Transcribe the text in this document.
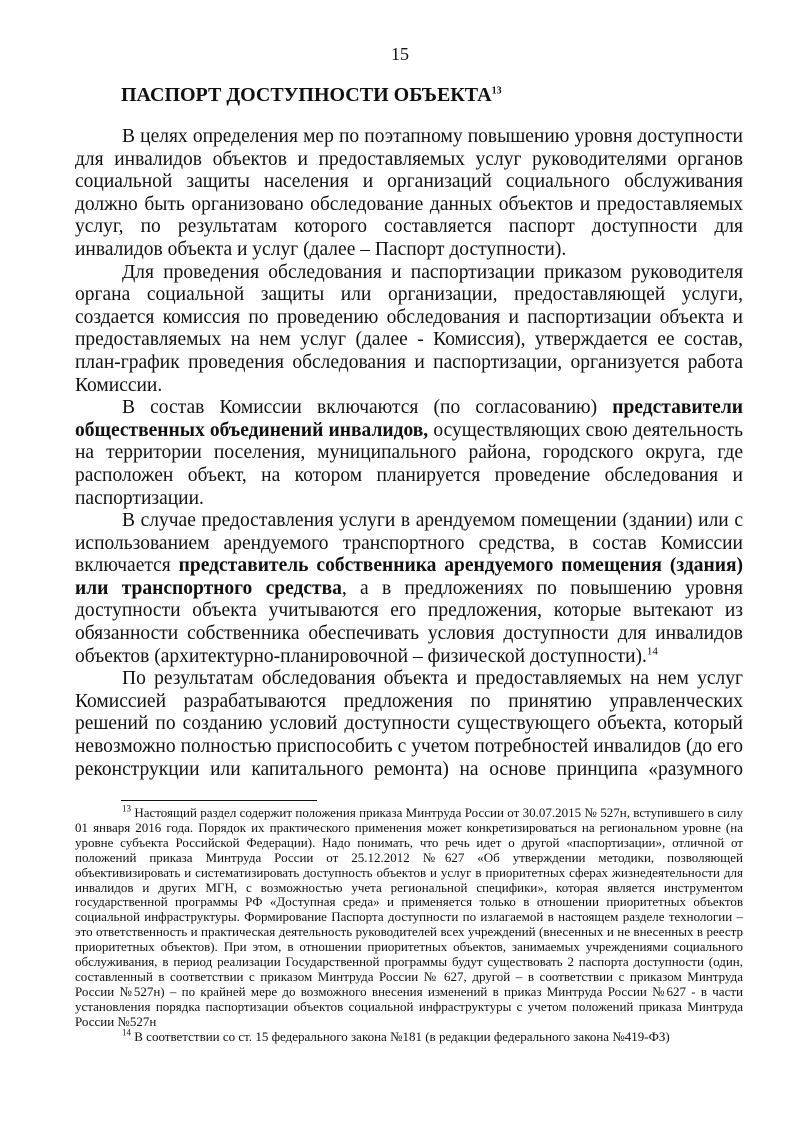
15
ПАСПОРТ ДОСТУПНОСТИ ОБЪЕКТА$^{13}$

В целях определения мер по поэтапному повышению уровня доступности для инвалидов объектов и предоставляемых услуг руководителями органов социальной защиты населения и организаций социального обслуживания должно быть организовано обследование данных объектов и предоставляемых услуг, по результатам которого составляется паспорт доступности для инвалидов объекта и услуг (далее – Паспорт доступности).

Для проведения обследования и паспортизации приказом руководителя органа социальной защиты или организации, предоставляющей услуги, создается комиссия по проведению обследования и паспортизации объекта и предоставляемых на нем услуг (далее - Комиссия), утверждается ее состав, план-график проведения обследования и паспортизации, организуется работа Комиссии.

В состав Комиссии включаются (по согласованию) представители общественных объединений инвалидов, осуществляющих свою деятельность на территории поселения, муниципального района, городского округа, где расположен объект, на котором планируется проведение обследования и паспортизации.

В случае предоставления услуги в арендуемом помещении (здании) или с использованием арендуемого транспортного средства, в состав Комиссии включается представитель собственника арендуемого помещения (здания) или транспортного средства, а в предложениях по повышению уровня доступности объекта учитываются его предложения, которые вытекают из обязанности собственника обеспечивать условия доступности для инвалидов объектов (архитектурно-планировочной – физической доступности).$^{14}$

По результатам обследования объекта и предоставляемых на нем услуг Комиссией разрабатываются предложения по принятию управленческих решений по созданию условий доступности существующего объекта, который невозможно полностью приспособить с учетом потребностей инвалидов (до его реконструкции или капитального ремонта) на основе принципа «разумного

$^{13}$ Настоящий раздел содержит положения приказа Минтруда России от 30.07.2015 № 527н, вступившего в силу 01 января 2016 года. Порядок их практического применения может конкретизироваться на региональном уровне (на уровне субъекта Российской Федерации). Надо понимать, что речь идет о другой «паспортизации», отличной от положений приказа Минтруда России от 25.12.2012 №627 «Об утверждении методики, позволяющей объективизировать и систематизировать доступность объектов и услуг в приоритетных сферах жизнедеятельности для инвалидов и других МГН, с возможностью учета региональной специфики», которая является инструментом государственной программы РФ «Доступная среда» и применяется только в отношении приоритетных объектов социальной инфраструктуры. Формирование Паспорта доступности по излагаемой в настоящем разделе технологии – это ответственность и практическая деятельность руководителей всех учреждений (внесенных и не внесенных в реестр приоритетных объектов). При этом, в отношении приоритетных объектов, занимаемых учреждениями социального обслуживания, в период реализации Государственной программы будут существовать 2 паспорта доступности (один, составленный в соответствии с приказом Минтруда России № 627, другой – в соответствии с приказом Минтруда России №527н) – по крайней мере до возможного внесения изменений в приказ Минтруда России №627 - в части установления порядка паспортизации объектов социальной инфраструктуры с учетом положений приказа Минтруда России №527н

$^{14}$ В соответствии со ст. 15 федерального закона №181 (в редакции федерального закона №419-ФЗ)
